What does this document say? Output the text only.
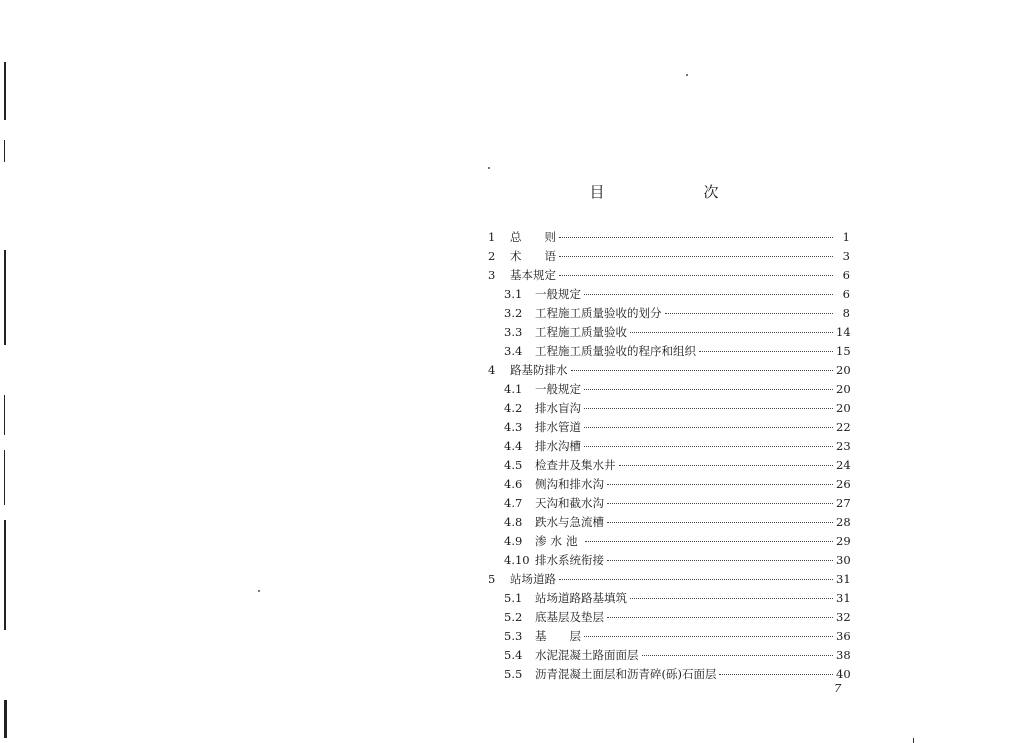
目　次
1	总　　则	1
2	术　　语	3
3	基本规定	6
3.1	一般规定	6
3.2	工程施工质量验收的划分	8
3.3	工程施工质量验收	14
3.4	工程施工质量验收的程序和组织	15
4	路基防排水	20
4.1	一般规定	20
4.2	排水盲沟	20
4.3	排水管道	22
4.4	排水沟槽	23
4.5	检查井及集水井	24
4.6	侧沟和排水沟	26
4.7	天沟和截水沟	27
4.8	跌水与急流槽	28
4.9	渗水池	29
4.10 排水系统衔接	30
5	站场道路	31
5.1	站场道路路基填筑	31
5.2	底基层及垫层	32
5.3	基　　层	36
5.4	水泥混凝土路面面层	38
5.5	沥青混凝土面层和沥青碎(砾)石面层	40
7
